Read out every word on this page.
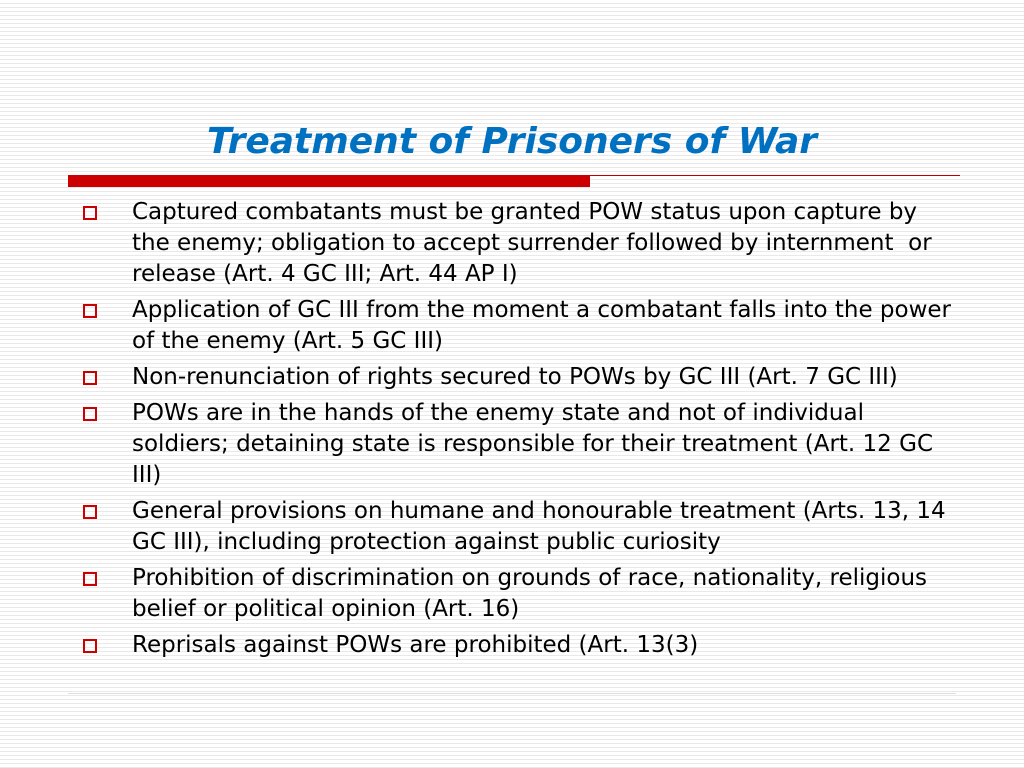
Treatment of Prisoners of War
Captured combatants must be granted POW status upon capture by the enemy; obligation to accept surrender followed by internment  or release (Art. 4 GC III; Art. 44 AP I)
Application of GC III from the moment a combatant falls into the power of the enemy (Art. 5 GC III)
Non-renunciation of rights secured to POWs by GC III (Art. 7 GC III)
POWs are in the hands of the enemy state and not of individual soldiers; detaining state is responsible for their treatment (Art. 12 GC III)
General provisions on humane and honourable treatment (Arts. 13, 14 GC III), including protection against public curiosity
Prohibition of discrimination on grounds of race, nationality, religious belief or political opinion (Art. 16)
Reprisals against POWs are prohibited (Art. 13(3)
